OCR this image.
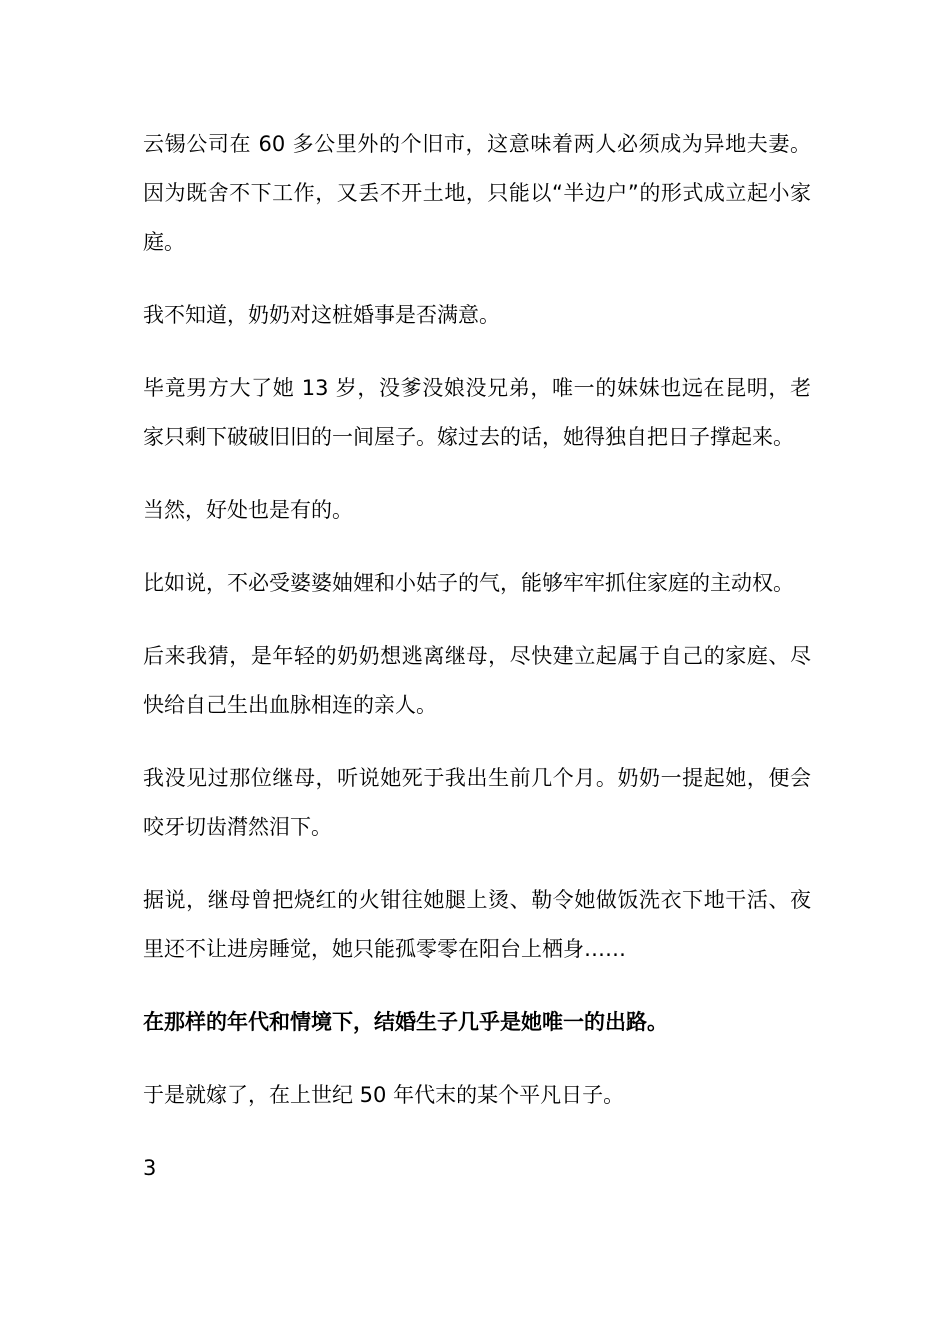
云锡公司在 60 多公里外的个旧市，这意味着两人必须成为异地夫妻。因为既舍不下工作，又丢不开土地，只能以“半边户”的形式成立起小家庭。

我不知道，奶奶对这桩婚事是否满意。

毕竟男方大了她 13 岁，没爹没娘没兄弟，唯一的妹妹也远在昆明，老家只剩下破破旧旧的一间屋子。嫁过去的话，她得独自把日子撑起来。

当然，好处也是有的。

比如说，不必受婆婆妯娌和小姑子的气，能够牢牢抓住家庭的主动权。

后来我猜，是年轻的奶奶想逃离继母，尽快建立起属于自己的家庭、尽快给自己生出血脉相连的亲人。

我没见过那位继母，听说她死于我出生前几个月。奶奶一提起她，便会咬牙切齿潸然泪下。

据说，继母曾把烧红的火钳往她腿上烫、勒令她做饭洗衣下地干活、夜里还不让进房睡觉，她只能孤零零在阳台上栖身……

在那样的年代和情境下，结婚生子几乎是她唯一的出路。

于是就嫁了，在上世纪 50 年代末的某个平凡日子。

3
